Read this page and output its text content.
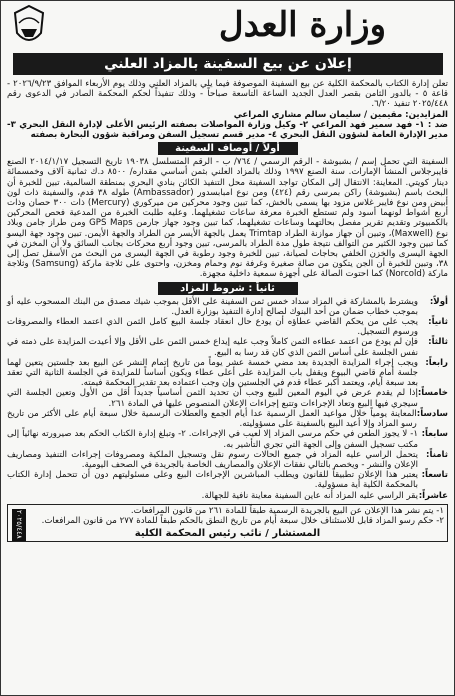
وزارة العدل
إعلان عن بيع السفينة بالمزاد العلني

تعلن إدارة الكتاب بالمحكمة الكلية عن بيع السفينة الموصوفة فيما يلي بالمزاد العلني وذلك يوم الأربعاء الموافق ٢٠٢٦/٩/٢٣ - قاعة ٥ - بالدور الثامن بقصر العدل الجديد الساعة التاسعة صباحاً - وذلك تنفيذاً لحكم المحكمة الصادر في الدعوى رقم ٢٠٢٥/٤٤٨ تنفيذ ٦/٢٠.

المزايدين: مقيمين / سليمان سالم مشاري المراعي

ضد : ١- فهد سمير فهد المراعي ٢- وكيل وزارة المواصلات بصفته الرئيس الأعلى لإدارة النقل البحري ٣- مدير الإدارة العامة لشؤون النقل البحري ٤- مدير قسم تسجيل السفن ومراقبة شؤون البحارة بصفته

أولاً / أوصاف السفينة

السفينة التي تحمل إسم / بشبوشة - الرقم الرسمي / ٧٦٤/ ب - الرقم المتسلسل ١٩٠٣٨ تاريخ التسجيل ٢٠١٤/١/١٧ الصنع فايبرجلاس المنشأ الإمارات. سنة الصنع ١٩٩٧ وذلك بالمزاد العلني بثمن أساسي مقداره/ ٨٥٠٠ د.ك ثمانية آلاف وخمسمائة دينار كويتي. المعاينة: الانتقال إلى المكان تواجد السفينة محل التنفيذ الكائن بنادي البحري بمنطقة السالمية، تبين للخبرة أن البحث باسم (بشبوشة) راكن بمرسى رقم (٤٢٤) ومن نوع امبابسدور (Ambassador) طوله ٣٨ قدم، والسفينة ذات لون أبيض ومن نوع فايبر غلاس مزود بها يسمى بالخش، كما تبين وجود محركين من ميركوري (Mercury) ذات ٣٠٠ حصان وذات أربع أشواط لونهما أسود ولم تستطع الخبرة معرفة ساعات تشغيلهما. وعليه طلبت الخبرة من المدعية فحص المحركين بالكمبيوتر وتقديم تقرير مفصل بحالتهما وساعات تشغيلهما، كما تبين وجود جهاز جارمن GPS Maps ومن طراز جامن وبلاد نوع (Maxwell)، وتبين أن جهاز موازنة الطراد Trimtap يعمل بالجهة الأيسر من الطراد والجهة الأيمن. تبين وجود جهة اليسو كما تبين وجود الكثير من التوالف نتيجة طول مدة الطراد بالمرسى، تبين وجود أربع محركات بجانب السائق ولا أن المخزن في الجهة اليسرى والخزن الخلفي بحاجات لصيانة، تبين للخبرة وجود رطوبة في الجهة اليسرى من البحث من الأسفل تصل إلى ٣٨، وتبين للخبرة أن الجن يتكون من صالة صغيرة وغرفة نوم وحمام ومخزن، واحتوى على ثلاجة ماركة (Samsung) وثلاجة ماركة (Norcold) كما احتوت الصالة على أجهزة سمعية داخلية مجهزة.

ثانياً : شروط المزاد
أولاً:
ويشترط بالمشاركة في المزاد سداد خمس ثمن السفينة على الأقل بموجب شيك مصدق من البنك المسحوب عليه أو بموجب خطاب ضمان من أحد البنوك لصالح إدارة التنفيذ بوزارة العدل.
ثانياً:
يجب على من يحكم القاضي عطاؤه أن يودع حال انعقاد جلسة البيع كامل الثمن الذي اعتمد العطاء والمصروفات ورسوم التسجيل.
ثالثاً:
فإن لم يودع من اعتمد عطاءه الثمن كاملاً وجب عليه إيداع خمس الثمن على الأقل وإلا أعيدت المزايدة على ذمته في نفس الجلسة على أساس الثمن الذي كان قد رسا به البيع.
رابعاً:
ويجب إجراء المزايدة الجديدة بعد مضي خمسة عشر يوماً من تاريخ إتمام النشر عن البيع بعد جلستين يتعين لهما جلسة أمام قاضي البيوع ويقفل باب المزايدة على أعلى عطاء ويكون أساساً للمزايدة في الجلسة الثانية التي تعقد بعد سبعة أيام، ويعتمد أكبر عطاء قدم في الجلستين وإن وجب اعتماده بعد تقدير المحكمة فيمته.
خامساً:
إذا لم يقدم عرض في اليوم المعين للبيع وجب أن تحديد الثمن أساسياً جديداً أقل من الأول وتعين الجلسة التي سيجري فيها البيع وتعاد الإجراءات وتتبع إجراءات الإعلان المنصوص عليها في المادة ٢٦١.
سادساً:
المعاينة يومياً خلال مواعيد العمل الرسمية عدا أيام الجمع والعطلات الرسمية خلال سبعة أيام على الأكثر من تاريخ رسو المزاد وإلا أعيد البيع بالسفينة على مسؤوليته.
سابعاً:
١- لا يجوز الطعن في حكم مرسى المزاد إلا لعيب في الإجراءات. ٢- وتبلغ إدارة الكتاب الحكم بعد صيرورته نهائياً إلى مكتب تسجيل السفن وإلى الجهة التي تجري التأشير به.
ثامناً:
يتحمل الراسي عليه المزاد في جميع الحالات رسوم نقل وتسجيل الملكية ومصروفات إجراءات التنفيذ ومصاريف الإعلان والنشر - ويخصم بالتالي نفقات الإعلان والمصاريف الخاصة بالجريدة في الصحف اليومية.
تاسعاً:
يعتبر هذا الإعلان تطبيقاً للقانون ويطلب المباشرين الإجراءات البيع وعلى مسئوليتهم دون أن تتحمل إدارة الكتاب بالمحكمة الكلية أية مسؤولية.
عاشراً:
يقر الراسي عليه المزاد أنه عاين السفينة معاينة نافية للجهالة.
٢٠٢٥/٤٤٨	١- يتم نشر هذا الإعلان عن البيع بالجريدة الرسمية طبقاً للمادة ٢٦١ من قانون المرافعات.
٢- حكم رسو المزاد قابل للاستئناف خلال سبعة أيام من تاريخ النطق بالحكم طبقاً للمادة ٢٧٧ من قانون المرافعات.
المستشار / نائب رئيس المحكمة الكلية
